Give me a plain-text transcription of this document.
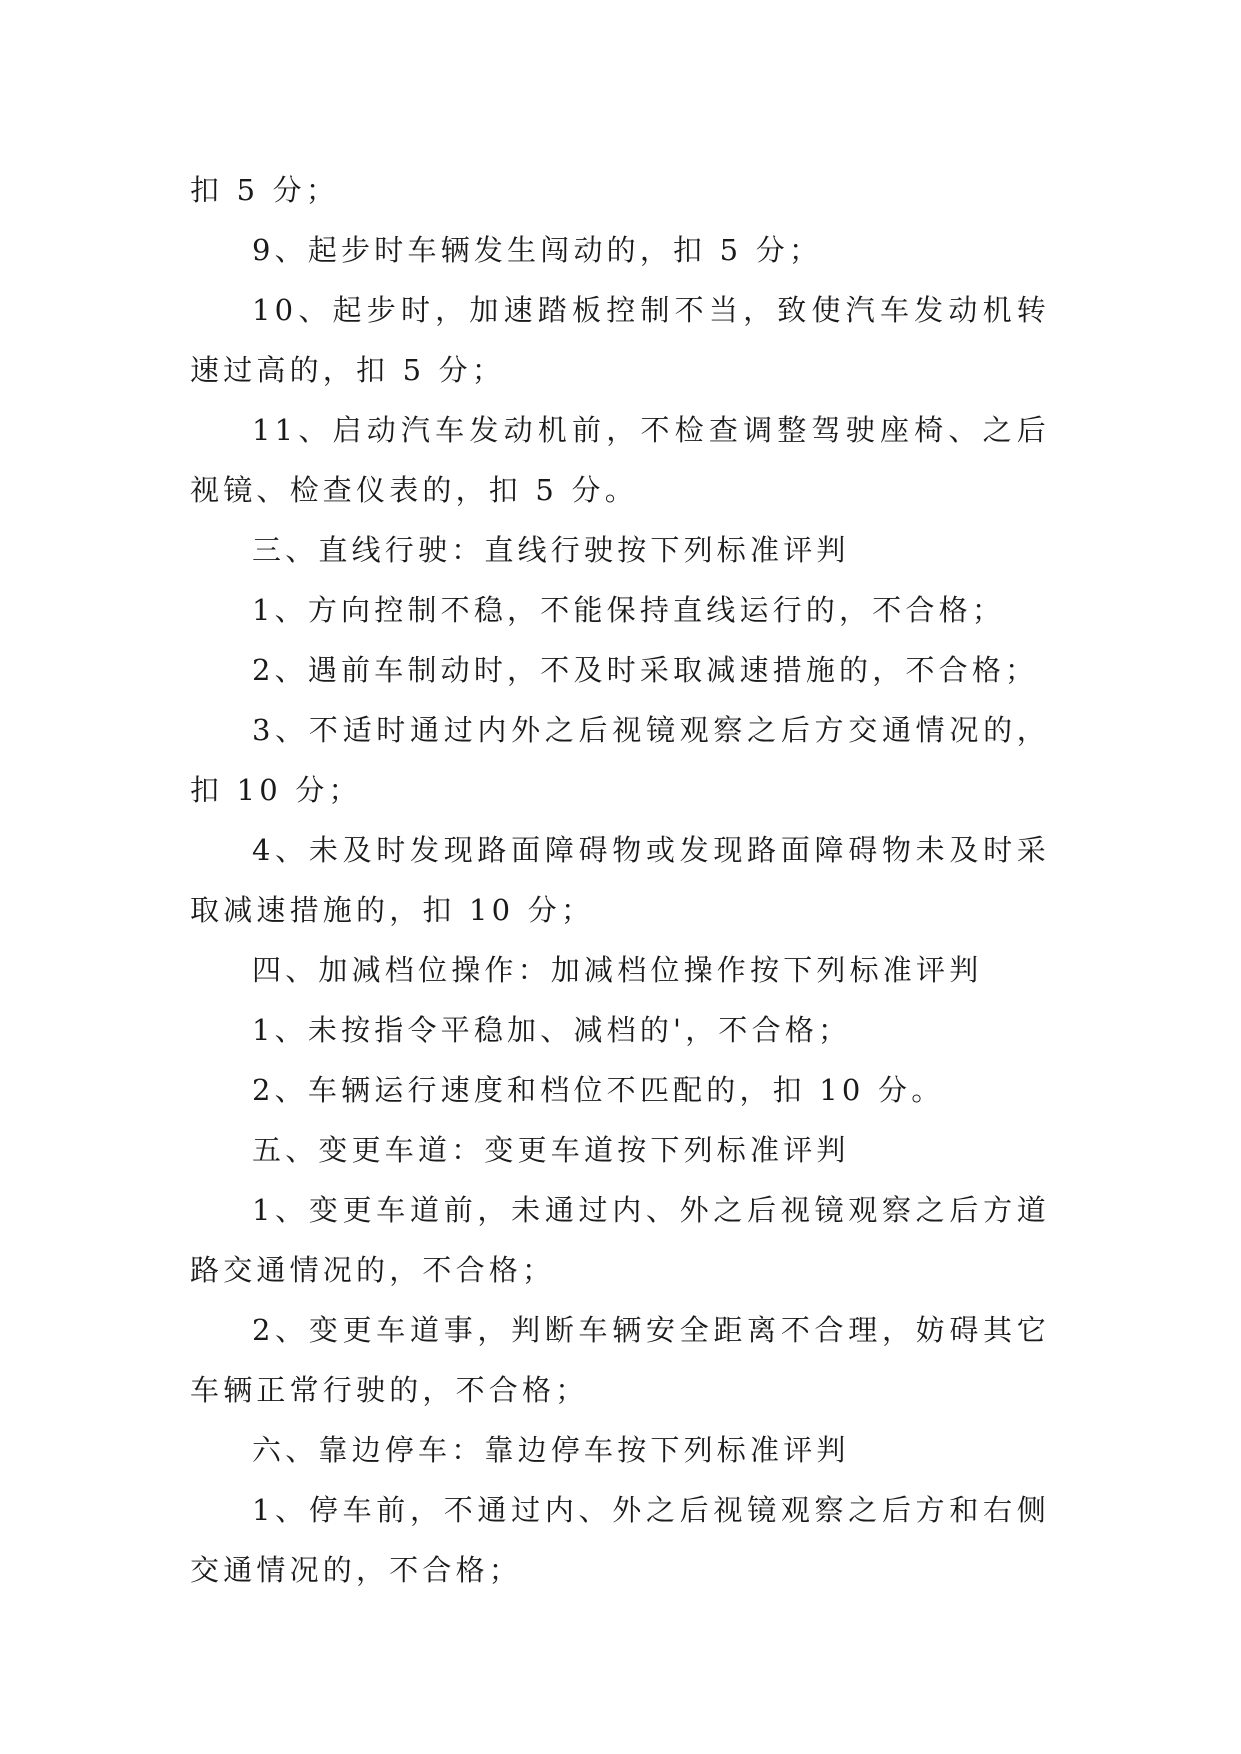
扣 5 分；

9、起步时车辆发生闯动的，扣 5 分；

10、起步时，加速踏板控制不当，致使汽车发动机转速过高的，扣 5 分；

11、启动汽车发动机前，不检查调整驾驶座椅、之后视镜、检查仪表的，扣 5 分。

三、直线行驶：直线行驶按下列标准评判

1、方向控制不稳，不能保持直线运行的，不合格；

2、遇前车制动时，不及时采取减速措施的，不合格；

3、不适时通过内外之后视镜观察之后方交通情况的，扣 10 分；

4、未及时发现路面障碍物或发现路面障碍物未及时采取减速措施的，扣 10 分；

四、加减档位操作：加减档位操作按下列标准评判

1、未按指令平稳加、减档的'，不合格；

2、车辆运行速度和档位不匹配的，扣 10 分。

五、变更车道：变更车道按下列标准评判

1、变更车道前，未通过内、外之后视镜观察之后方道路交通情况的，不合格；

2、变更车道事，判断车辆安全距离不合理，妨碍其它车辆正常行驶的，不合格；

六、靠边停车：靠边停车按下列标准评判

1、停车前，不通过内、外之后视镜观察之后方和右侧交通情况的，不合格；
